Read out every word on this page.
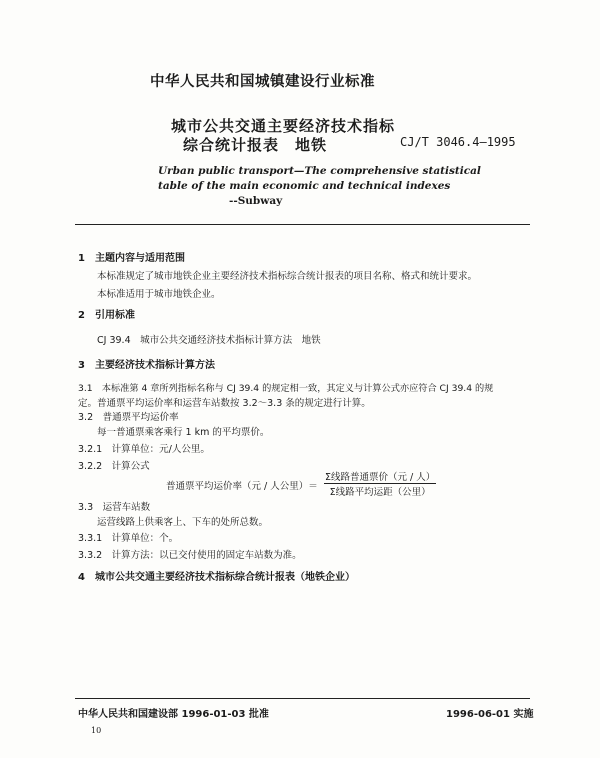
中华人民共和国城镇建设行业标准
城市公共交通主要经济技术指标
综合统计报表　地铁	CJ/T 3046.4—1995
Urban public transport—The comprehensive statistical
table of the main economic and technical indexes
--Subway
1　主题内容与适用范围
本标准规定了城市地铁企业主要经济技术指标综合统计报表的项目名称、格式和统计要求。
本标准适用于城市地铁企业。
2　引用标准
CJ 39.4　城市公共交通经济技术指标计算方法　地铁
3　主要经济技术指标计算方法
3.1　本标准第 4 章所列指标名称与 CJ 39.4 的规定相一致，其定义与计算公式亦应符合 CJ 39.4 的规
定。普通票平均运价率和运营车站数按 3.2～3.3 条的规定进行计算。
3.2　普通票平均运价率
每一普通票乘客乘行 1 km 的平均票价。
3.2.1　计算单位：元/人公里。
3.2.2　计算公式
普通票平均运价率（元 / 人公里）＝
Σ线路普通票价（元 / 人）
Σ线路平均运距（公里）
3.3　运营车站数
运营线路上供乘客上、下车的处所总数。
3.3.1　计算单位：个。
3.3.2　计算方法：以已交付使用的固定车站数为准。
4　城市公共交通主要经济技术指标综合统计报表（地铁企业）
中华人民共和国建设部 1996-01-03 批准	1996-06-01 实施
10
